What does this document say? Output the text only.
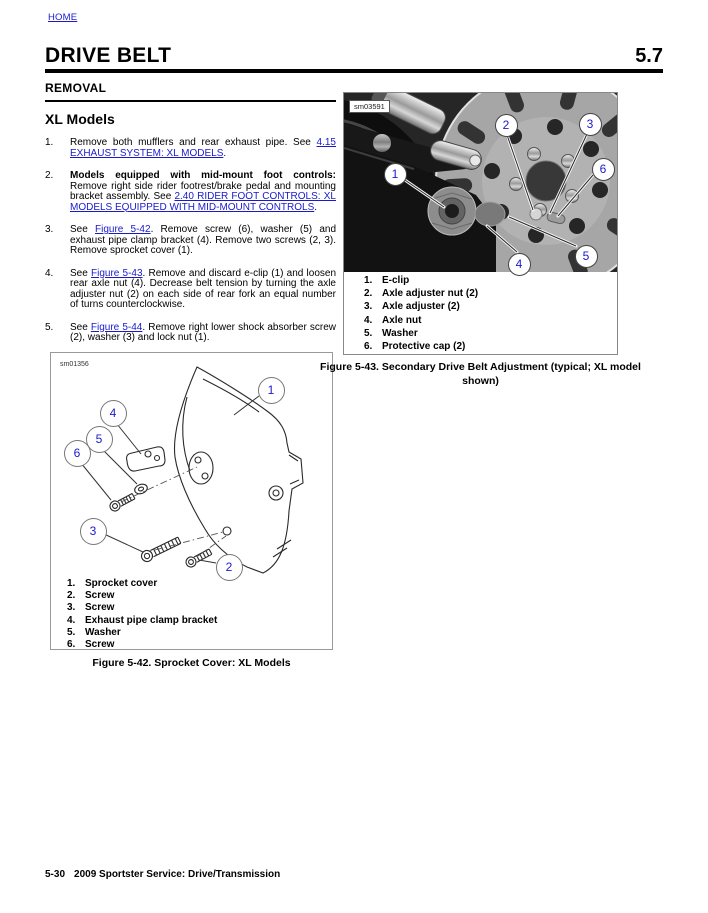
HOME
DRIVE BELT	5.7
REMOVAL
XL Models
1.	Remove both mufflers and rear exhaust pipe. See 4.15 EXHAUST SYSTEM: XL MODELS.
2.	Models equipped with mid-mount foot controls: Remove right side rider footrest/brake pedal and mounting bracket assembly. See 2.40 RIDER FOOT CONTROLS: XL MODELS EQUIPPED WITH MID-MOUNT CONTROLS.
3.	See Figure 5-42. Remove screw (6), washer (5) and exhaust pipe clamp bracket (4). Remove two screws (2, 3). Remove sprocket cover (1).
4.	See Figure 5-43. Remove and discard e-clip (1) and loosen rear axle nut (4). Decrease belt tension by turning the axle adjuster nut (2) on each side of rear fork an equal number of turns counterclockwise.
5.	See Figure 5-44. Remove right lower shock absorber screw (2), washer (3) and lock nut (1).
sm01356
1. Sprocket cover
2. Screw
3. Screw
4. Exhaust pipe clamp bracket
5. Washer
6. Screw
1
2
3
4
5
6
Figure 5-42. Sprocket Cover: XL Models
sm03591
1. E-clip
2. Axle adjuster nut (2)
3. Axle adjuster (2)
4. Axle nut
5. Washer
6. Protective cap (2)
1
2	3
4
5
6
Figure 5-43. Secondary Drive Belt Adjustment (typical; XL model shown)
5-30 2009 Sportster Service: Drive/Transmission
